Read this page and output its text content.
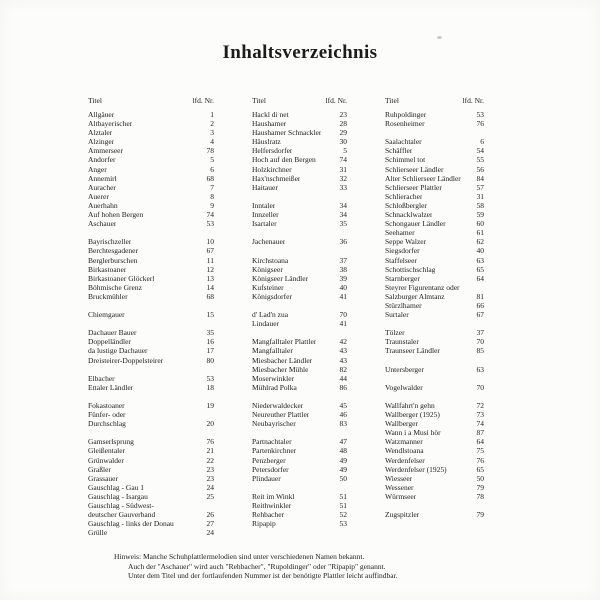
Inhaltsverzeichnis
Titel	lfd. Nr.
Allgäuer	1
Altbayerischer	2
Alztaler	3
Alzinger	4
Ammerseer	78
Andorfer	5
Anger	6
Annemirl	68
Auracher	7
Auerer	8
Auerhahn	9
Auf hohen Bergen	74
Aschauer	53
Bayrischzeller	10
Berchtesgadener	67
Berglerburschen	11
Birkastoaner	12
Birkastoaner Glöckerl	13
Böhmische Grenz	14
Bruckmühler	68
Chiemgauer	15
Dachauer Bauer	35
Doppelländler	16
da lustige Dachauer	17
Dreisteirer-Doppelsteirer	80
Elbacher	53
Ettaler Ländler	18
Fokastoaner	19
Fünfer- oder
Durchschlag	20
Gamserlsprung	76
Gleißentaler	21
Grünwalder	22
Graßler	23
Grassauer	23
Gauschlag - Gau 1	24
Gauschlag - Isargau	25
Gauschlag - Südwest-
deutscher Gauverband	26
Gauschlag - links der Donau	27
Grülle	24
Titel	lfd. Nr.
Hackl di net	23
Haushamer	28
Haushamer Schnackler	29
Häuslratz	30
Helfersdorfer	5
Hoch auf den Bergen	74
Holzkirchner	31
Hax'nschmeißer	32
Haitauer	33
Inntaler	34
Innzeller	34
Isartaler	35
Jachenauer	36
Kirchstoana	37
Königseer	38
Königseer Ländler	39
Kufsteiner	40
Königsdorfer	41
d' Lad'n zua	70
Lindauer	41
Mangfalltaler Plattler	42
Mangfalltaler	43
Miesbacher Ländler	43
Miesbacher Mühle	82
Moserwinkler	44
Mühlrad Polka	86
Niederwaldecker	45
Neureuther Plattler	46
Neubayrischer	83
Partnachtaler	47
Partenkirchner	48
Penzberger	49
Petersdorfer	49
Plindauer	50
Reit im Winkl	51
Reithwinkler	51
Rehbacher	52
Ripapip	53
Titel	lfd. Nr.
Ruhpoldinger	53
Rosenheimer	76
Saalachtaler	6
Schäffler	54
Schimmel tot	55
Schlierseer Ländler	56
Alter Schlierseer Ländler	84
Schlierseer Plattler	57
Schlieracher	31
Schloßbergler	58
Schnacklwalzer	59
Schongauer Ländler	60
Seehamer	61
Seppe Walzer	62
Siegsdorfer	40
Staffelseer	63
Schottischschlag	65
Starnberger	64
Steyrer Figurentanz oder
Salzburger Almtanz	81
Stürzlhamer	66
Surtaler	67
Tölzer	37
Traunstaler	70
Traunseer Ländler	85
Untersberger	63
Vogelwalder	70
Wallfahrt'n gehn	72
Wallberger (1925)	73
Wallberger	74
Wann i a Musi hör	87
Watzmanner	64
Wendlstoana	75
Werdenfelser	76
Werdenfelser (1925)	65
Wiesseer	50
Wessener	79
Würmseer	78
Zugspitzler	79
Hinweis: Manche Schuhplattlermelodien sind unter verschiedenen Namen bekannt.
Auch der "Aschauer" wird auch "Rehbacher", "Rupoldinger" oder "Ripapip" genannt.
Unter dem Titel und der fortlaufenden Nummer ist der benötigte Plattler leicht auffindbar.
